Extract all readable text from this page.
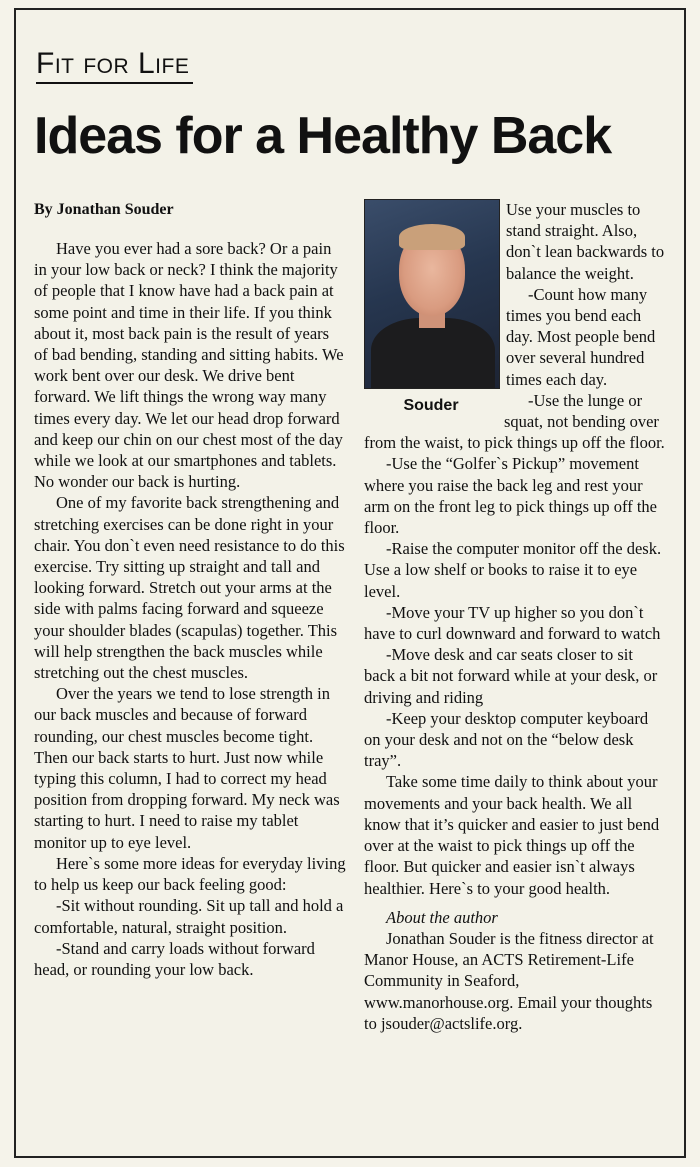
Fit for Life
Ideas for a Healthy Back
By Jonathan Souder

Have you ever had a sore back? Or a pain in your low back or neck? I think the majority of people that I know have had a back pain at some point and time in their life. If you think about it, most back pain is the result of years of bad bending, standing and sitting habits. We work bent over our desk. We drive bent forward. We lift things the wrong way many times every day. We let our head drop forward and keep our chin on our chest most of the day while we look at our smartphones and tablets. No wonder our back is hurting.

One of my favorite back strengthening and stretching exercises can be done right in your chair. You don`t even need resistance to do this exercise. Try sitting up straight and tall and looking forward. Stretch out your arms at the side with palms facing forward and squeeze your shoulder blades (scapulas) together. This will help strengthen the back muscles while stretching out the chest muscles.

Over the years we tend to lose strength in our back muscles and because of forward rounding, our chest muscles become tight. Then our back starts to hurt. Just now while typing this column, I had to correct my head position from dropping forward. My neck was starting to hurt. I need to raise my tablet monitor up to eye level.

Here`s some more ideas for everyday living to help us keep our back feeling good:

-Sit without rounding. Sit up tall and hold a comfortable, natural, straight position.

-Stand and carry loads without forward head, or rounding your low back.

Souder

Use your muscles to stand straight. Also, don`t lean backwards to balance the weight.

-Count how many times you bend each day. Most people bend over several hundred times each day.

-Use the lunge or squat, not bending over from the waist, to pick things up off the floor.

-Use the “Golfer`s Pickup” movement where you raise the back leg and rest your arm on the front leg to pick things up off the floor.

-Raise the computer monitor off the desk. Use a low shelf or books to raise it to eye level.

-Move your TV up higher so you don`t have to curl downward and forward to watch

-Move desk and car seats closer to sit back a bit not forward while at your desk, or driving and riding

-Keep your desktop computer keyboard on your desk and not on the “below desk tray”.

Take some time daily to think about your movements and your back health. We all know that it’s quicker and easier to just bend over at the waist to pick things up off the floor. But quicker and easier isn`t always healthier. Here`s to your good health.

About the author

Jonathan Souder is the fitness director at Manor House, an ACTS Retirement-Life Community in Seaford, www.manorhouse.org. Email your thoughts to jsouder@actslife.org.
